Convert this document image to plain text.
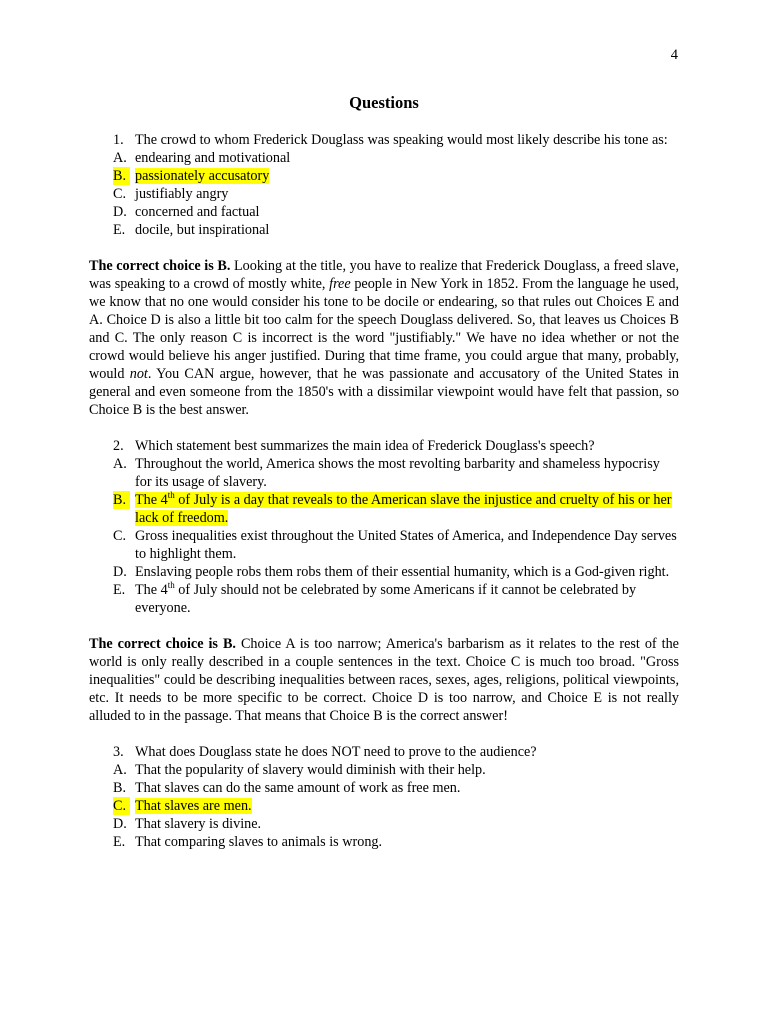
4
Questions
1. The crowd to whom Frederick Douglass was speaking would most likely describe his tone as:
A. endearing and motivational
B. passionately accusatory
C. justifiably angry
D. concerned and factual
E. docile, but inspirational

The correct choice is B. Looking at the title, you have to realize that Frederick Douglass, a freed slave, was speaking to a crowd of mostly white, free people in New York in 1852. From the language he used, we know that no one would consider his tone to be docile or endearing, so that rules out Choices E and A. Choice D is also a little bit too calm for the speech Douglass delivered. So, that leaves us Choices B and C. The only reason C is incorrect is the word "justifiably." We have no idea whether or not the crowd would believe his anger justified. During that time frame, you could argue that many, probably, would not. You CAN argue, however, that he was passionate and accusatory of the United States in general and even someone from the 1850's with a dissimilar viewpoint would have felt that passion, so Choice B is the best answer.

2. Which statement best summarizes the main idea of Frederick Douglass's speech?
A. Throughout the world, America shows the most revolting barbarity and shameless hypocrisy for its usage of slavery.
B. The 4th of July is a day that reveals to the American slave the injustice and cruelty of his or her lack of freedom.
C. Gross inequalities exist throughout the United States of America, and Independence Day serves to highlight them.
D. Enslaving people robs them robs them of their essential humanity, which is a God-given right.
E. The 4th of July should not be celebrated by some Americans if it cannot be celebrated by everyone.

The correct choice is B. Choice A is too narrow; America's barbarism as it relates to the rest of the world is only really described in a couple sentences in the text. Choice C is much too broad. "Gross inequalities" could be describing inequalities between races, sexes, ages, religions, political viewpoints, etc. It needs to be more specific to be correct. Choice D is too narrow, and Choice E is not really alluded to in the passage. That means that Choice B is the correct answer!

3. What does Douglass state he does NOT need to prove to the audience?
A. That the popularity of slavery would diminish with their help.
B. That slaves can do the same amount of work as free men.
C. That slaves are men.
D. That slavery is divine.
E. That comparing slaves to animals is wrong.
